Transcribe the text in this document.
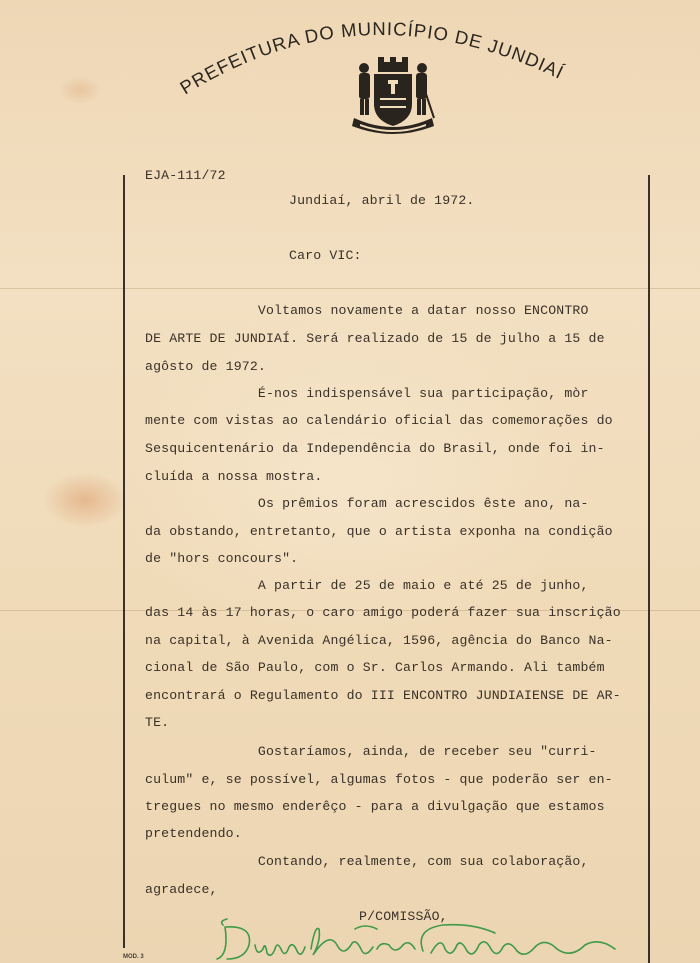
PREFEITURA DO MUNICÍPIO DE JUNDIAÍ
EJA-111/72
Jundiaí, abril de 1972.
Caro VIC:
Voltamos novamente a datar nosso ENCONTRO
DE ARTE DE JUNDIAÍ. Será realizado de 15 de julho a 15 de
agôsto de 1972.
É-nos indispensável sua participação, mòr
mente com vistas ao calendário oficial das comemorações do
Sesquicentenário da Independência do Brasil, onde foi in-
cluída a nossa mostra.
Os prêmios foram acrescidos êste ano, na-
da obstando, entretanto, que o artista exponha na condição
de "hors concours".
A partir de 25 de maio e até 25 de junho,
das 14 às 17 horas, o caro amigo poderá fazer sua inscrição
na capital, à Avenida Angélica, 1596, agência do Banco Na-
cional de São Paulo, com o Sr. Carlos Armando. Ali também
encontrará o Regulamento do III ENCONTRO JUNDIAIENSE DE AR-
TE.
Gostaríamos, ainda, de receber seu "curri-
culum" e, se possível, algumas fotos - que poderão ser en-
tregues no mesmo enderêço - para a divulgação que estamos
pretendendo.
Contando, realmente, com sua colaboração,
agradece,
P/COMISSÃO,
MOD. 3
